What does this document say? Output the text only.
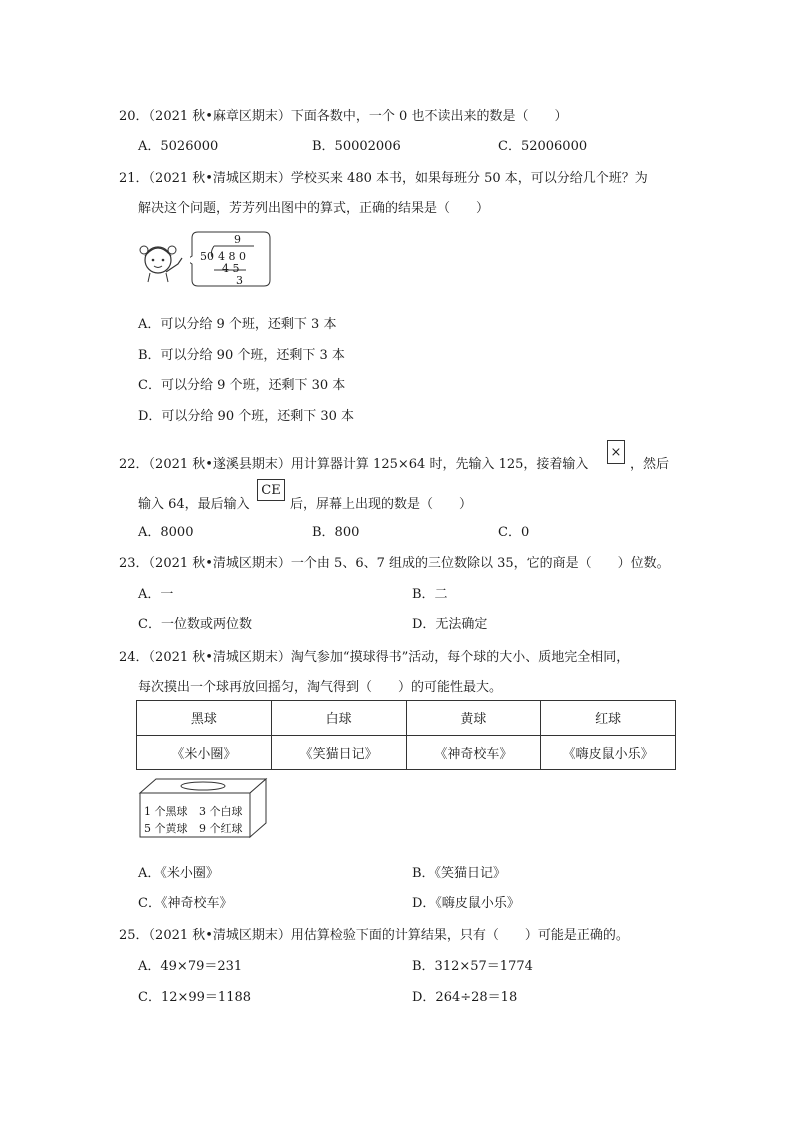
20．（2021 秋•麻章区期末）下面各数中，一个 0 也不读出来的数是（　　）
A．5026000	B．50002006	C．52006000
21．（2021 秋•清城区期末）学校买来 480 本书，如果每班分 50 本，可以分给几个班？为
解决这个问题，芳芳列出图中的算式，正确的结果是（　　）
9
50 4 8 0
4 5
3
A．可以分给 9 个班，还剩下 3 本
B．可以分给 90 个班，还剩下 3 本
C．可以分给 9 个班，还剩下 30 本
D．可以分给 90 个班，还剩下 30 本
22．（2021 秋•遂溪县期末）用计算器计算 125×64 时，先输入 125，接着输入
×
，然后
输入 64，最后输入
CE
后，屏幕上出现的数是（　　）
A．8000	B．800	C．0
23．（2021 秋•清城区期末）一个由 5、6、7 组成的三位数除以 35，它的商是（　　）位数。
A．一	B．二
C．一位数或两位数	D．无法确定
24．（2021 秋•清城区期末）淘气参加“摸球得书”活动，每个球的大小、质地完全相同，
每次摸出一个球再放回摇匀，淘气得到（　　）的可能性最大。
黑球	白球	黄球	红球
《米小圈》	《笑猫日记》	《神奇校车》	《嗨皮鼠小乐》
1 个黑球 3 个白球
5 个黄球 9 个红球
A．《米小圈》	B．《笑猫日记》
C．《神奇校车》	D．《嗨皮鼠小乐》
25．（2021 秋•清城区期末）用估算检验下面的计算结果，只有（　　）可能是正确的。
A．49×79＝231	B．312×57＝1774
C．12×99＝1188	D．264÷28＝18
